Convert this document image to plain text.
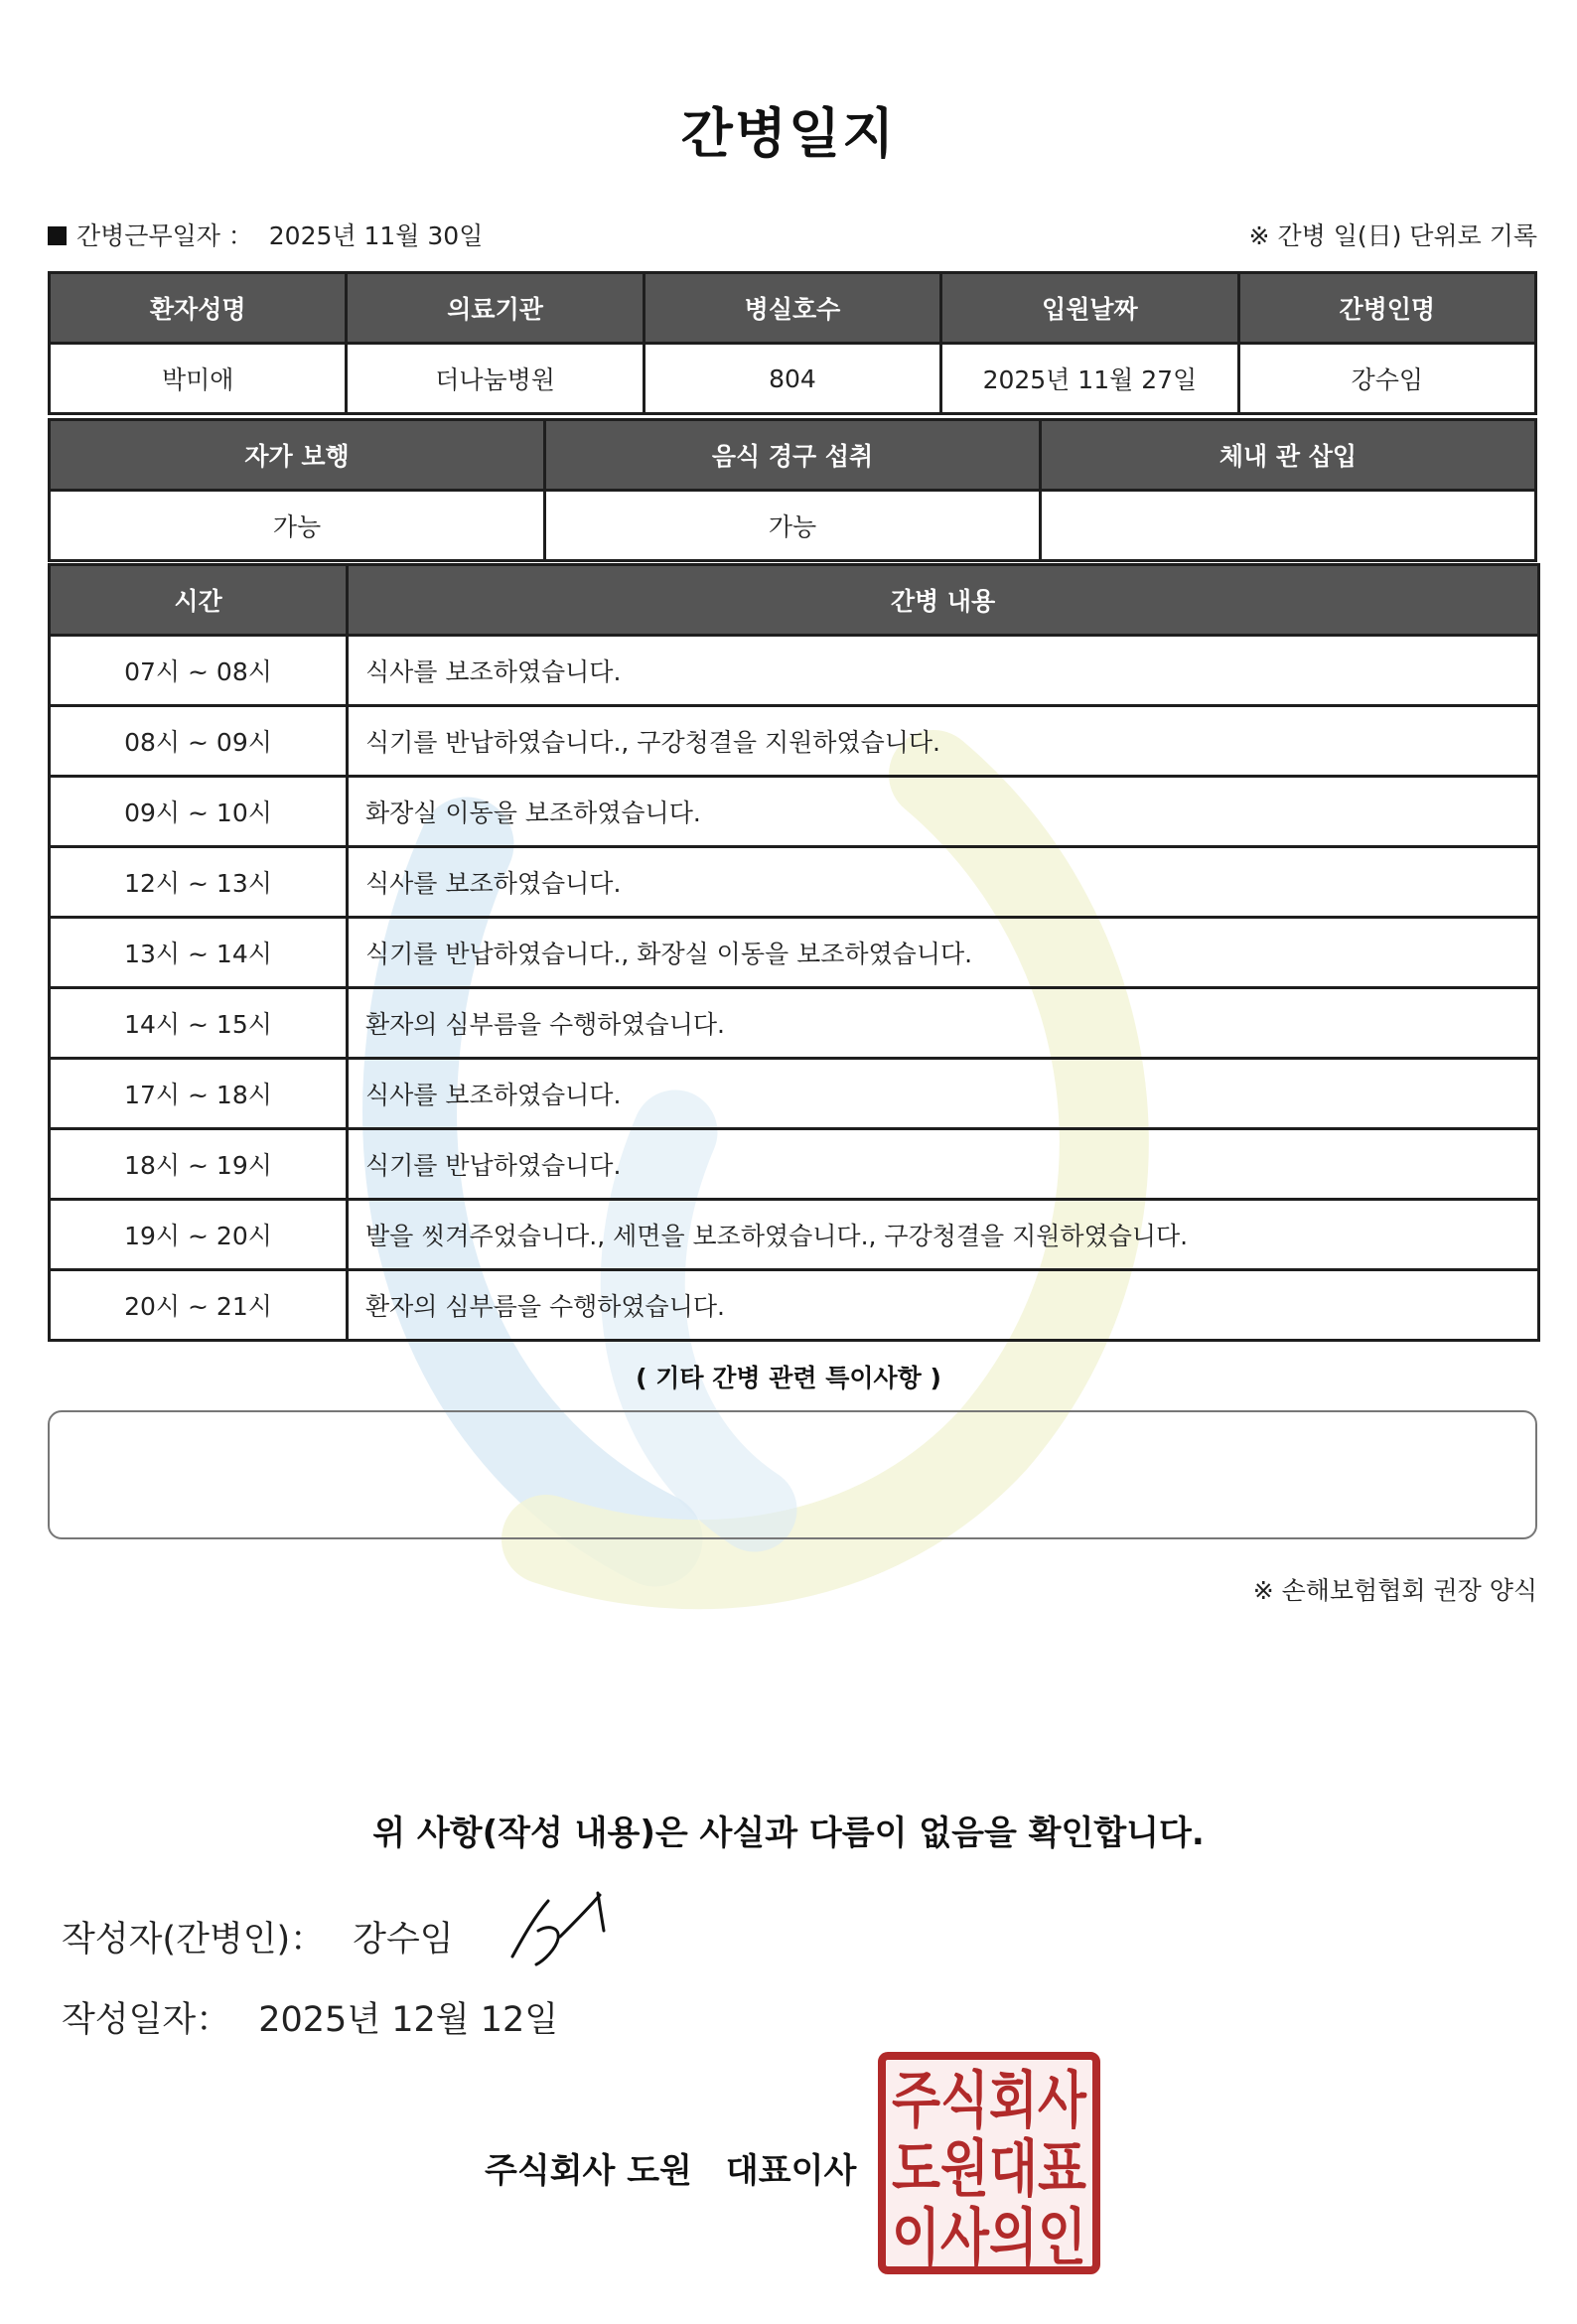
간병일지
간병근무일자 ： 2025년 11월 30일	※ 간병 일(日) 단위로 기록
환자성명	의료기관	병실호수	입원날짜	간병인명
박미애	더나눔병원	804	2025년 11월 27일	강수임
자가 보행	음식 경구 섭취	체내 관 삽입
가능	가능	
시간	간병 내용
07시 ~ 08시	식사를 보조하였습니다.
08시 ~ 09시	식기를 반납하였습니다., 구강청결을 지원하였습니다.
09시 ~ 10시	화장실 이동을 보조하였습니다.
12시 ~ 13시	식사를 보조하였습니다.
13시 ~ 14시	식기를 반납하였습니다., 화장실 이동을 보조하였습니다.
14시 ~ 15시	환자의 심부름을 수행하였습니다.
17시 ~ 18시	식사를 보조하였습니다.
18시 ~ 19시	식기를 반납하였습니다.
19시 ~ 20시	발을 씻겨주었습니다., 세면을 보조하였습니다., 구강청결을 지원하였습니다.
20시 ~ 21시	환자의 심부름을 수행하였습니다.
( 기타 간병 관련 특이사항 )
※ 손해보험협회 권장 양식
위 사항(작성 내용)은 사실과 다름이 없음을 확인합니다.
작성자(간병인)： 강수임
작성일자： 2025년 12월 12일
주식회사 도원 대표이사
주식회사
도원대표
이사의인
